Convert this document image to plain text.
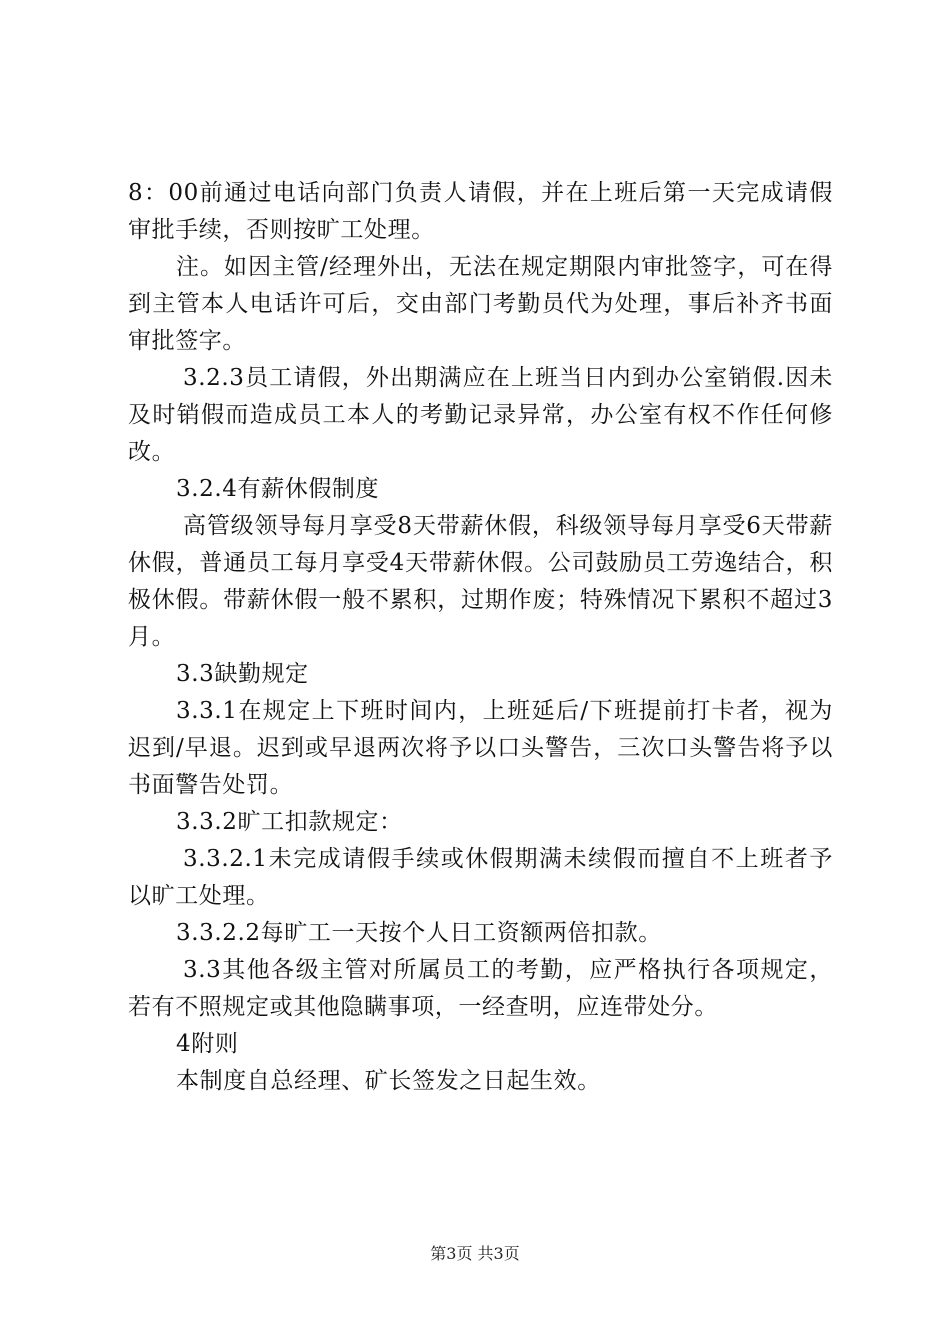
8：00前通过电话向部门负责人请假，并在上班后第一天完成请假审批手续，否则按旷工处理。

注。如因主管/经理外出，无法在规定期限内审批签字，可在得到主管本人电话许可后，交由部门考勤员代为处理，事后补齐书面审批签字。

3.2.3员工请假，外出期满应在上班当日内到办公室销假.因未及时销假而造成员工本人的考勤记录异常，办公室有权不作任何修改。

3.2.4有薪休假制度

高管级领导每月享受8天带薪休假，科级领导每月享受6天带薪休假，普通员工每月享受4天带薪休假。公司鼓励员工劳逸结合，积极休假。带薪休假一般不累积，过期作废；特殊情况下累积不超过3月。

3.3缺勤规定

3.3.1在规定上下班时间内，上班延后/下班提前打卡者，视为迟到/早退。迟到或早退两次将予以口头警告，三次口头警告将予以书面警告处罚。

3.3.2旷工扣款规定：

3.3.2.1未完成请假手续或休假期满未续假而擅自不上班者予以旷工处理。

3.3.2.2每旷工一天按个人日工资额两倍扣款。

3.3其他各级主管对所属员工的考勤，应严格执行各项规定，若有不照规定或其他隐瞒事项，一经查明，应连带处分。

4附则

本制度自总经理、矿长签发之日起生效。

第3页 共3页
